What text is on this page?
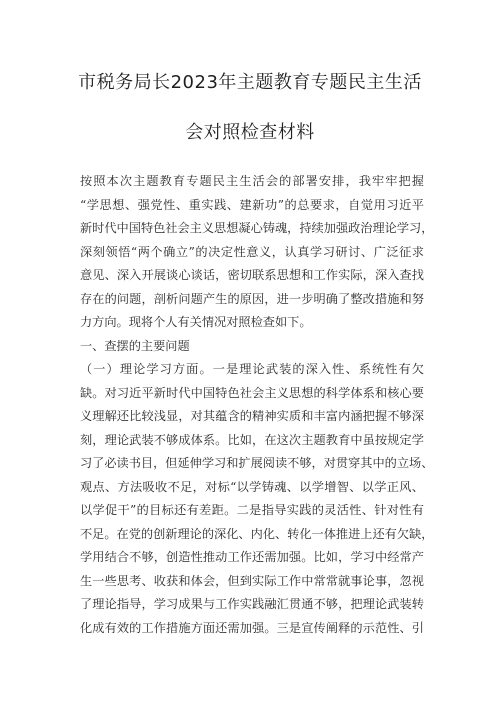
市税务局长2023年主题教育专题民主生活
会对照检查材料
按照本次主题教育专题民主生活会的部署安排，我牢牢把握
“学思想、强党性、重实践、建新功”的总要求，自觉用习近平
新时代中国特色社会主义思想凝心铸魂，持续加强政治理论学习，
深刻领悟“两个确立”的决定性意义，认真学习研讨、广泛征求
意见、深入开展谈心谈话，密切联系思想和工作实际，深入查找
存在的问题，剖析问题产生的原因，进一步明确了整改措施和努
力方向。现将个人有关情况对照检查如下。
一、查摆的主要问题
（一）理论学习方面。一是理论武装的深入性、系统性有欠
缺。对习近平新时代中国特色社会主义思想的科学体系和核心要
义理解还比较浅显，对其蕴含的精神实质和丰富内涵把握不够深
刻，理论武装不够成体系。比如，在这次主题教育中虽按规定学
习了必读书目，但延伸学习和扩展阅读不够，对贯穿其中的立场、
观点、方法吸收不足，对标“以学铸魂、以学增智、以学正风、
以学促干”的目标还有差距。二是指导实践的灵活性、针对性有
不足。在党的创新理论的深化、内化、转化一体推进上还有欠缺，
学用结合不够，创造性推动工作还需加强。比如，学习中经常产
生一些思考、收获和体会，但到实际工作中常常就事论事，忽视
了理论指导，学习成果与工作实践融汇贯通不够，把理论武装转
化成有效的工作措施方面还需加强。三是宣传阐释的示范性、引
